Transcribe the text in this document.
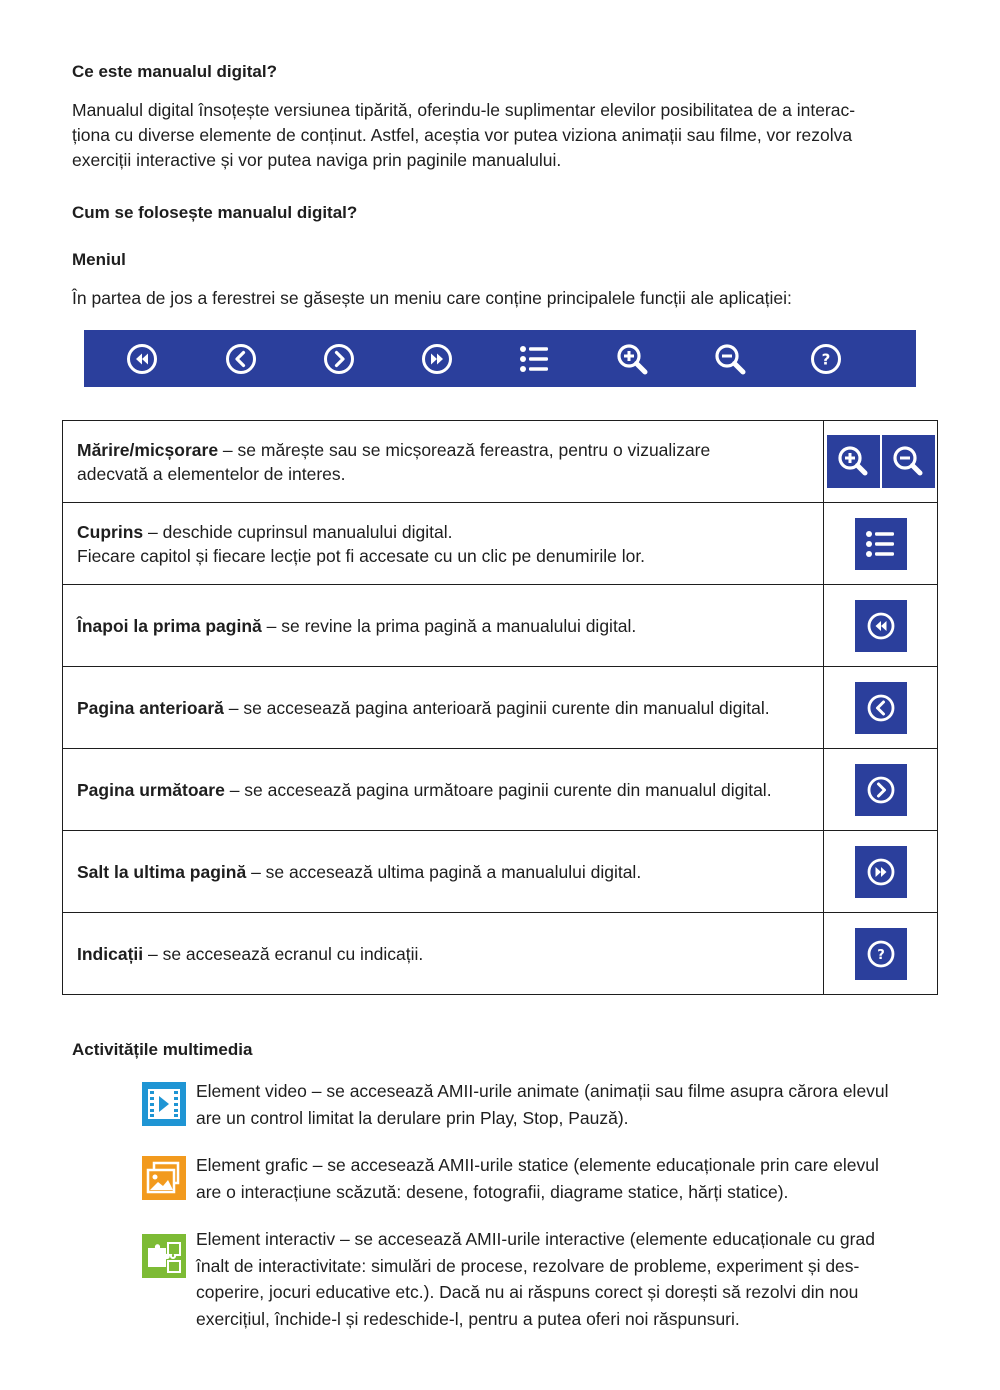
Ce este manualul digital?
Manualul digital însoțește versiunea tipărită, oferindu-le suplimentar elevilor posibilitatea de a interac-
ționa cu diverse elemente de conținut. Astfel, aceștia vor putea viziona animații sau filme, vor rezolva
exerciții interactive și vor putea naviga prin paginile manualului.
Cum se folosește manualul digital?
Meniul
În partea de jos a ferestrei se găsește un meniu care conține principalele funcții ale aplicației:
?
Mărire/micșorare – se mărește sau se micșorează fereastra, pentru o vizualizare
adecvată a elementelor de interes.	

Cuprins – deschide cuprinsul manualului digital.
Fiecare capitol și fiecare lecție pot fi accesate cu un clic pe denumirile lor.	

Înapoi la prima pagină – se revine la prima pagină a manualului digital.	

Pagina anterioară – se accesează pagina anterioară paginii curente din manualul digital.	

Pagina următoare – se accesează pagina următoare paginii curente din manualul digital.	

Salt la ultima pagină – se accesează ultima pagină a manualului digital.	

Indicații – se accesează ecranul cu indicații.	?
Activitățile multimedia
Element video – se accesează AMII-urile animate (animații sau filme asupra cărora elevul
are un control limitat la derulare prin Play, Stop, Pauză).
Element grafic – se accesează AMII-urile statice (elemente educaționale prin care elevul
are o interacțiune scăzută: desene, fotografii, diagrame statice, hărți statice).
Element interactiv – se accesează AMII-urile interactive (elemente educaționale cu grad
înalt de interactivitate: simulări de procese, rezolvare de probleme, experiment și des-
coperire, jocuri educative etc.). Dacă nu ai răspuns corect și dorești să rezolvi din nou
exercițiul, închide-l și redeschide-l, pentru a putea oferi noi răspunsuri.
